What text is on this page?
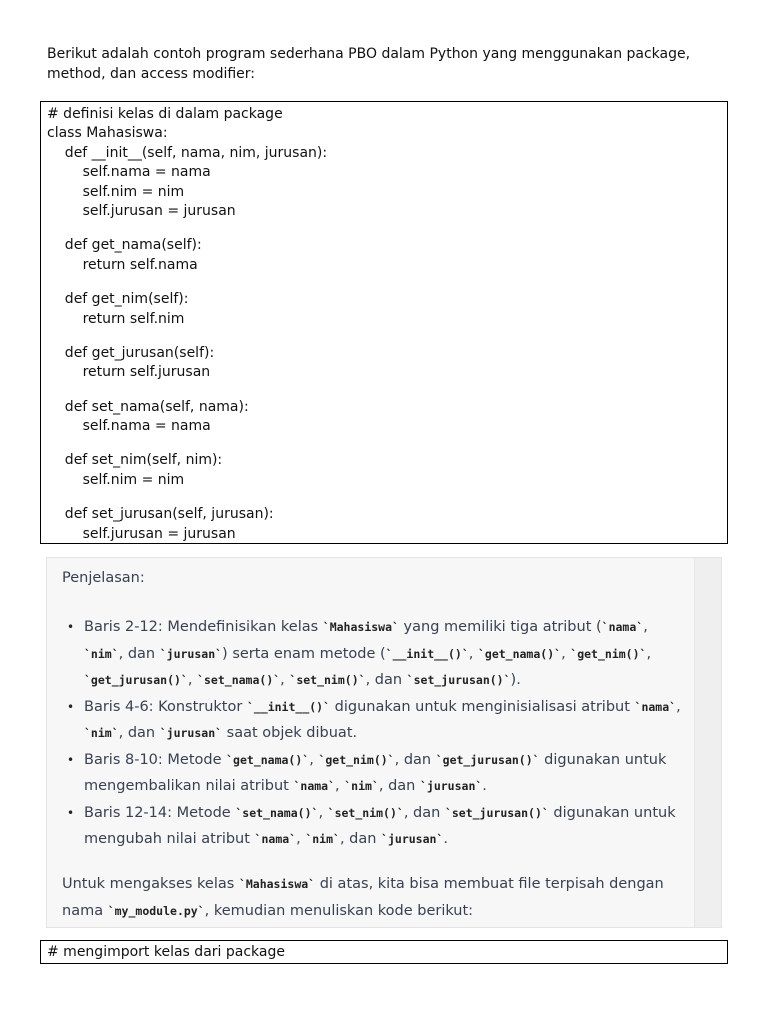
Berikut adalah contoh program sederhana PBO dalam Python yang menggunakan package,
method, dan access modifier:
# definisi kelas di dalam package
class Mahasiswa:
def __init__(self, nama, nim, jurusan):
self.nama = nama
self.nim = nim
self.jurusan = jurusan
def get_nama(self):
return self.nama
def get_nim(self):
return self.nim
def get_jurusan(self):
return self.jurusan
def set_nama(self, nama):
self.nama = nama
def set_nim(self, nim):
self.nim = nim
def set_jurusan(self, jurusan):
self.jurusan = jurusan
Penjelasan:
• Baris 2-12: Mendefinisikan kelas `Mahasiswa` yang memiliki tiga atribut (`nama`, `nim`, dan `jurusan`) serta enam metode (`__init__()`, `get_nama()`, `get_nim()`, `get_jurusan()`, `set_nama()`, `set_nim()`, dan `set_jurusan()`).
• Baris 4-6: Konstruktor `__init__()` digunakan untuk menginisialisasi atribut `nama`, `nim`, dan `jurusan` saat objek dibuat.
• Baris 8-10: Metode `get_nama()`, `get_nim()`, dan `get_jurusan()` digunakan untuk mengembalikan nilai atribut `nama`, `nim`, dan `jurusan`.
• Baris 12-14: Metode `set_nama()`, `set_nim()`, dan `set_jurusan()` digunakan untuk mengubah nilai atribut `nama`, `nim`, dan `jurusan`.
Untuk mengakses kelas `Mahasiswa` di atas, kita bisa membuat file terpisah dengan nama `my_module.py`, kemudian menuliskan kode berikut:
# mengimport kelas dari package
